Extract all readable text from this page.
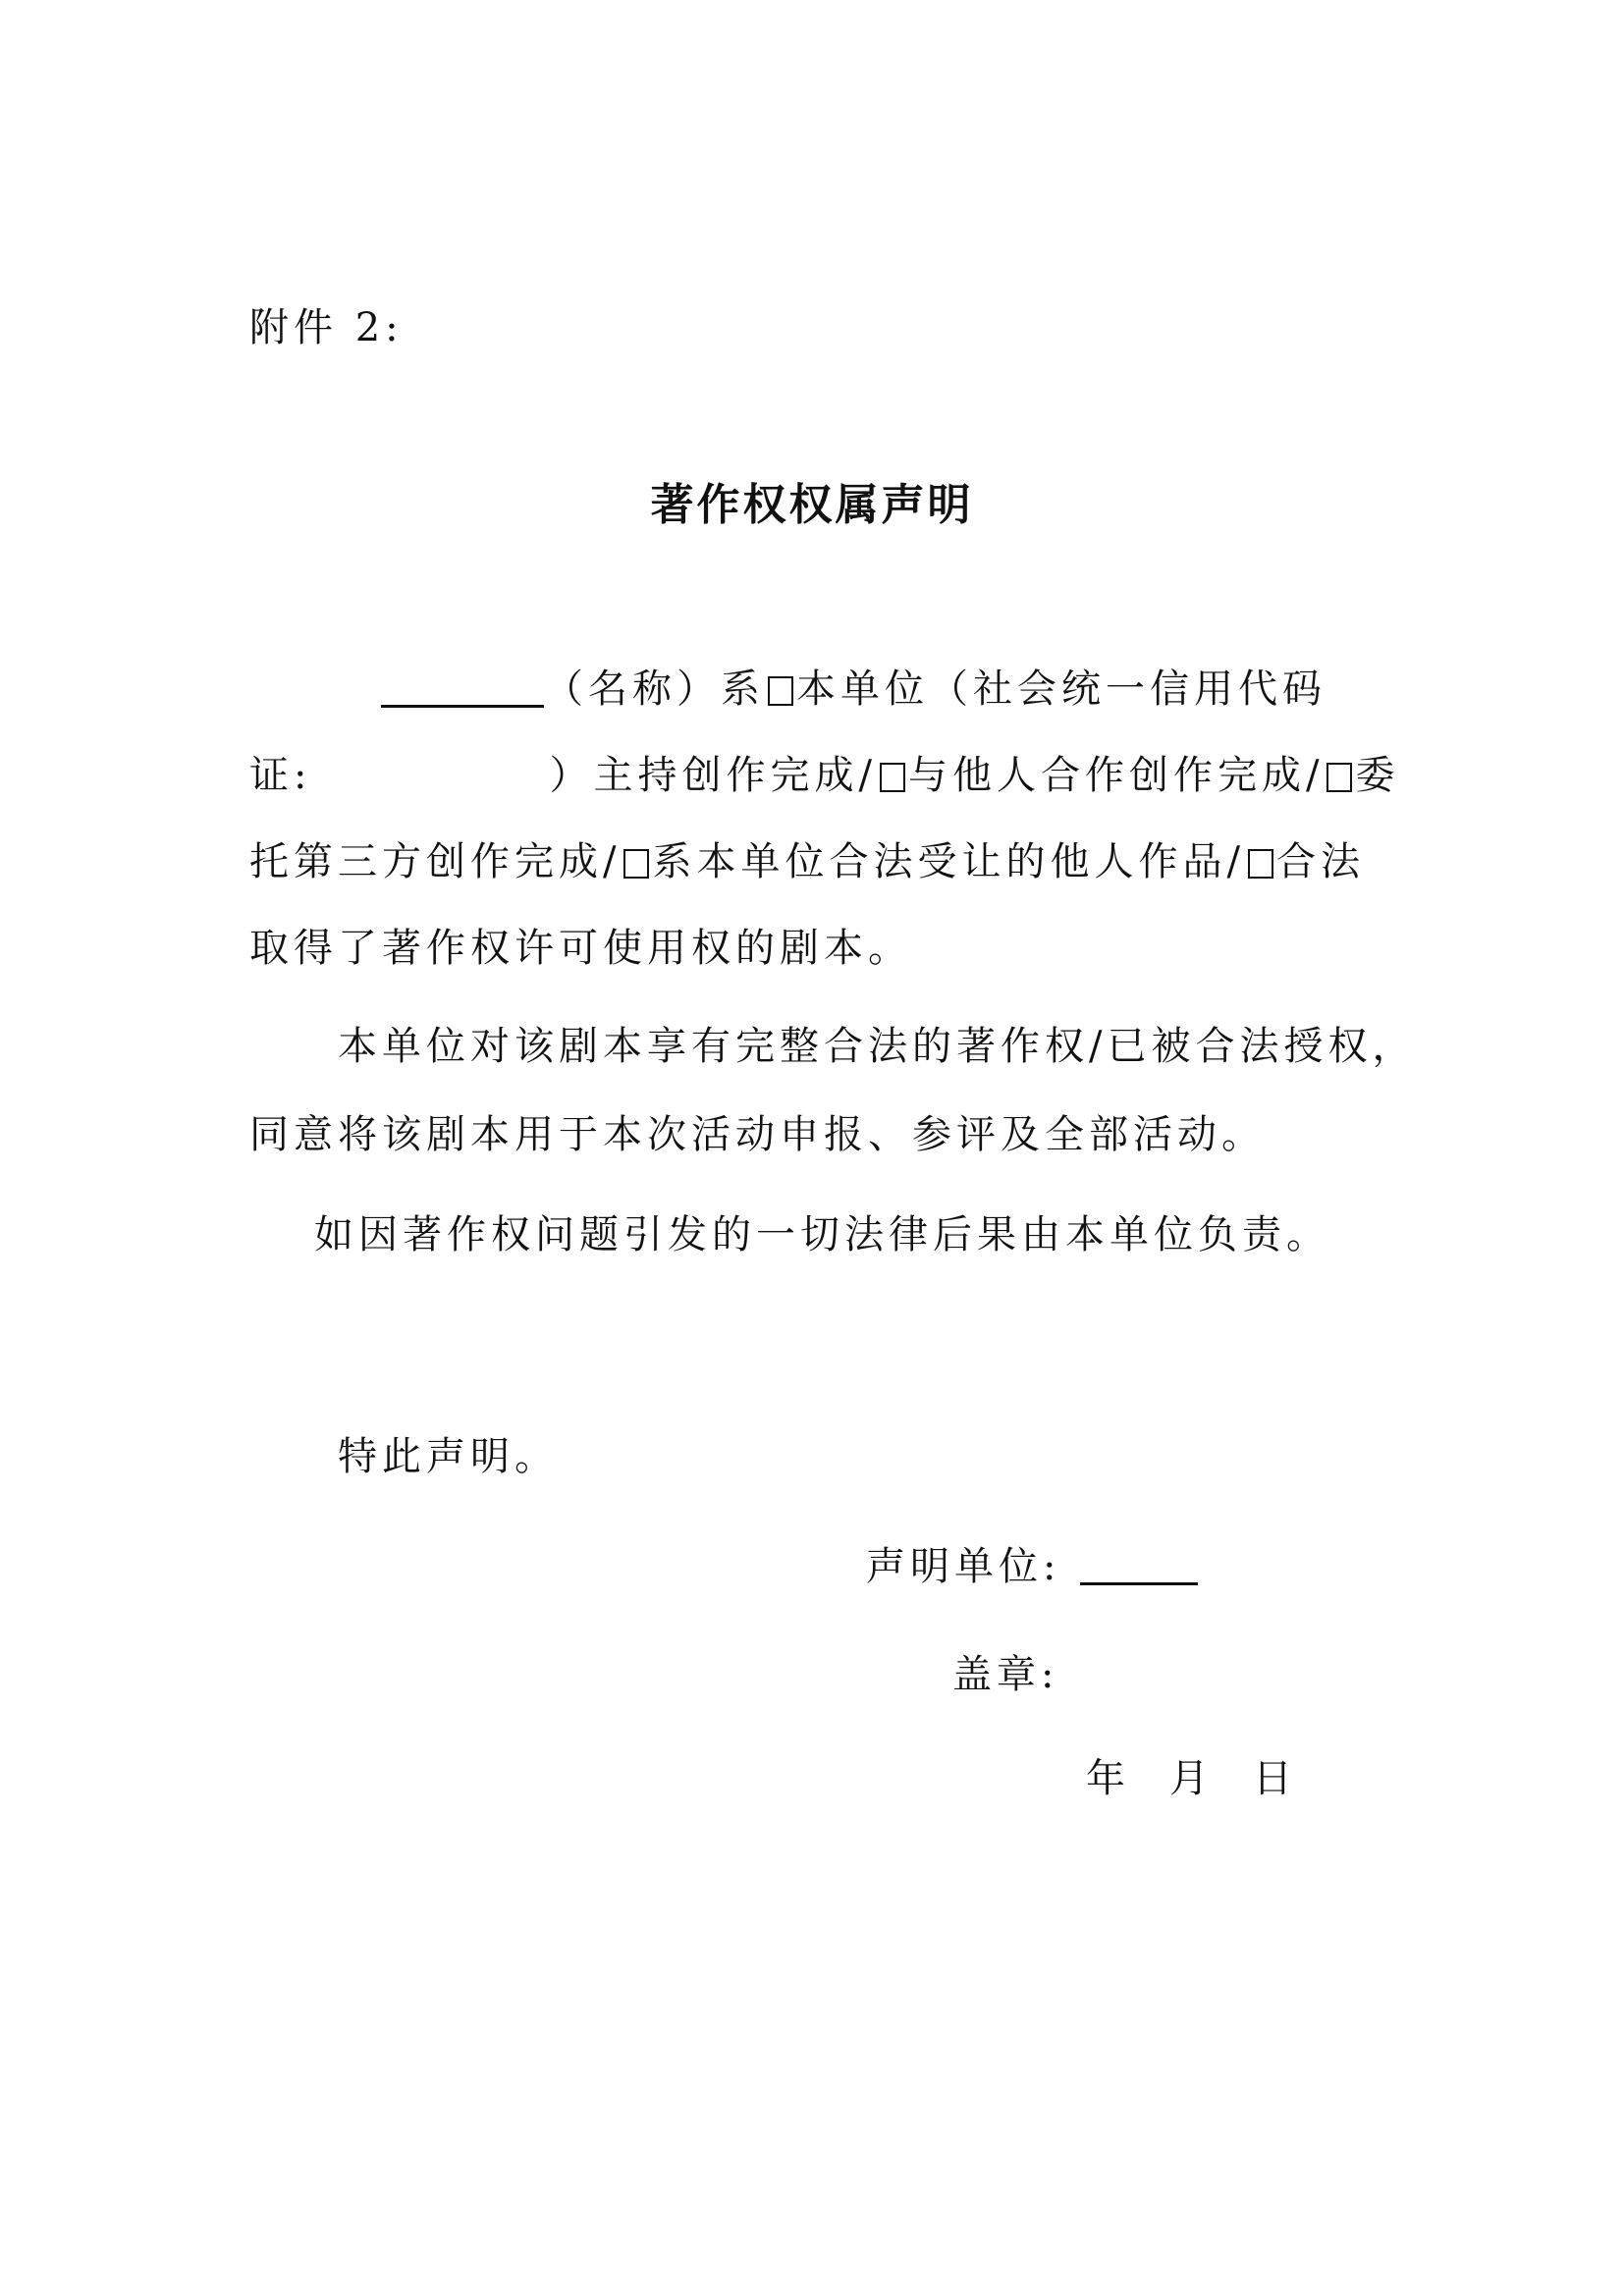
附件 2:
著作权权属声明
（名称）系 本单位（社会统一信用代码
证:	）主持创作完成/ 与他人合作创作完成/ 委
托第三方创作完成/ 系本单位合法受让的他人作品/ 合法
取得了著作权许可使用权的剧本。
本单位对该剧本享有完整合法的著作权/已被合法授权，
同意将该剧本用于本次活动申报、参评及全部活动。
如因著作权问题引发的一切法律后果由本单位负责。
特此声明。
声明单位:
盖章:
年 月 日
